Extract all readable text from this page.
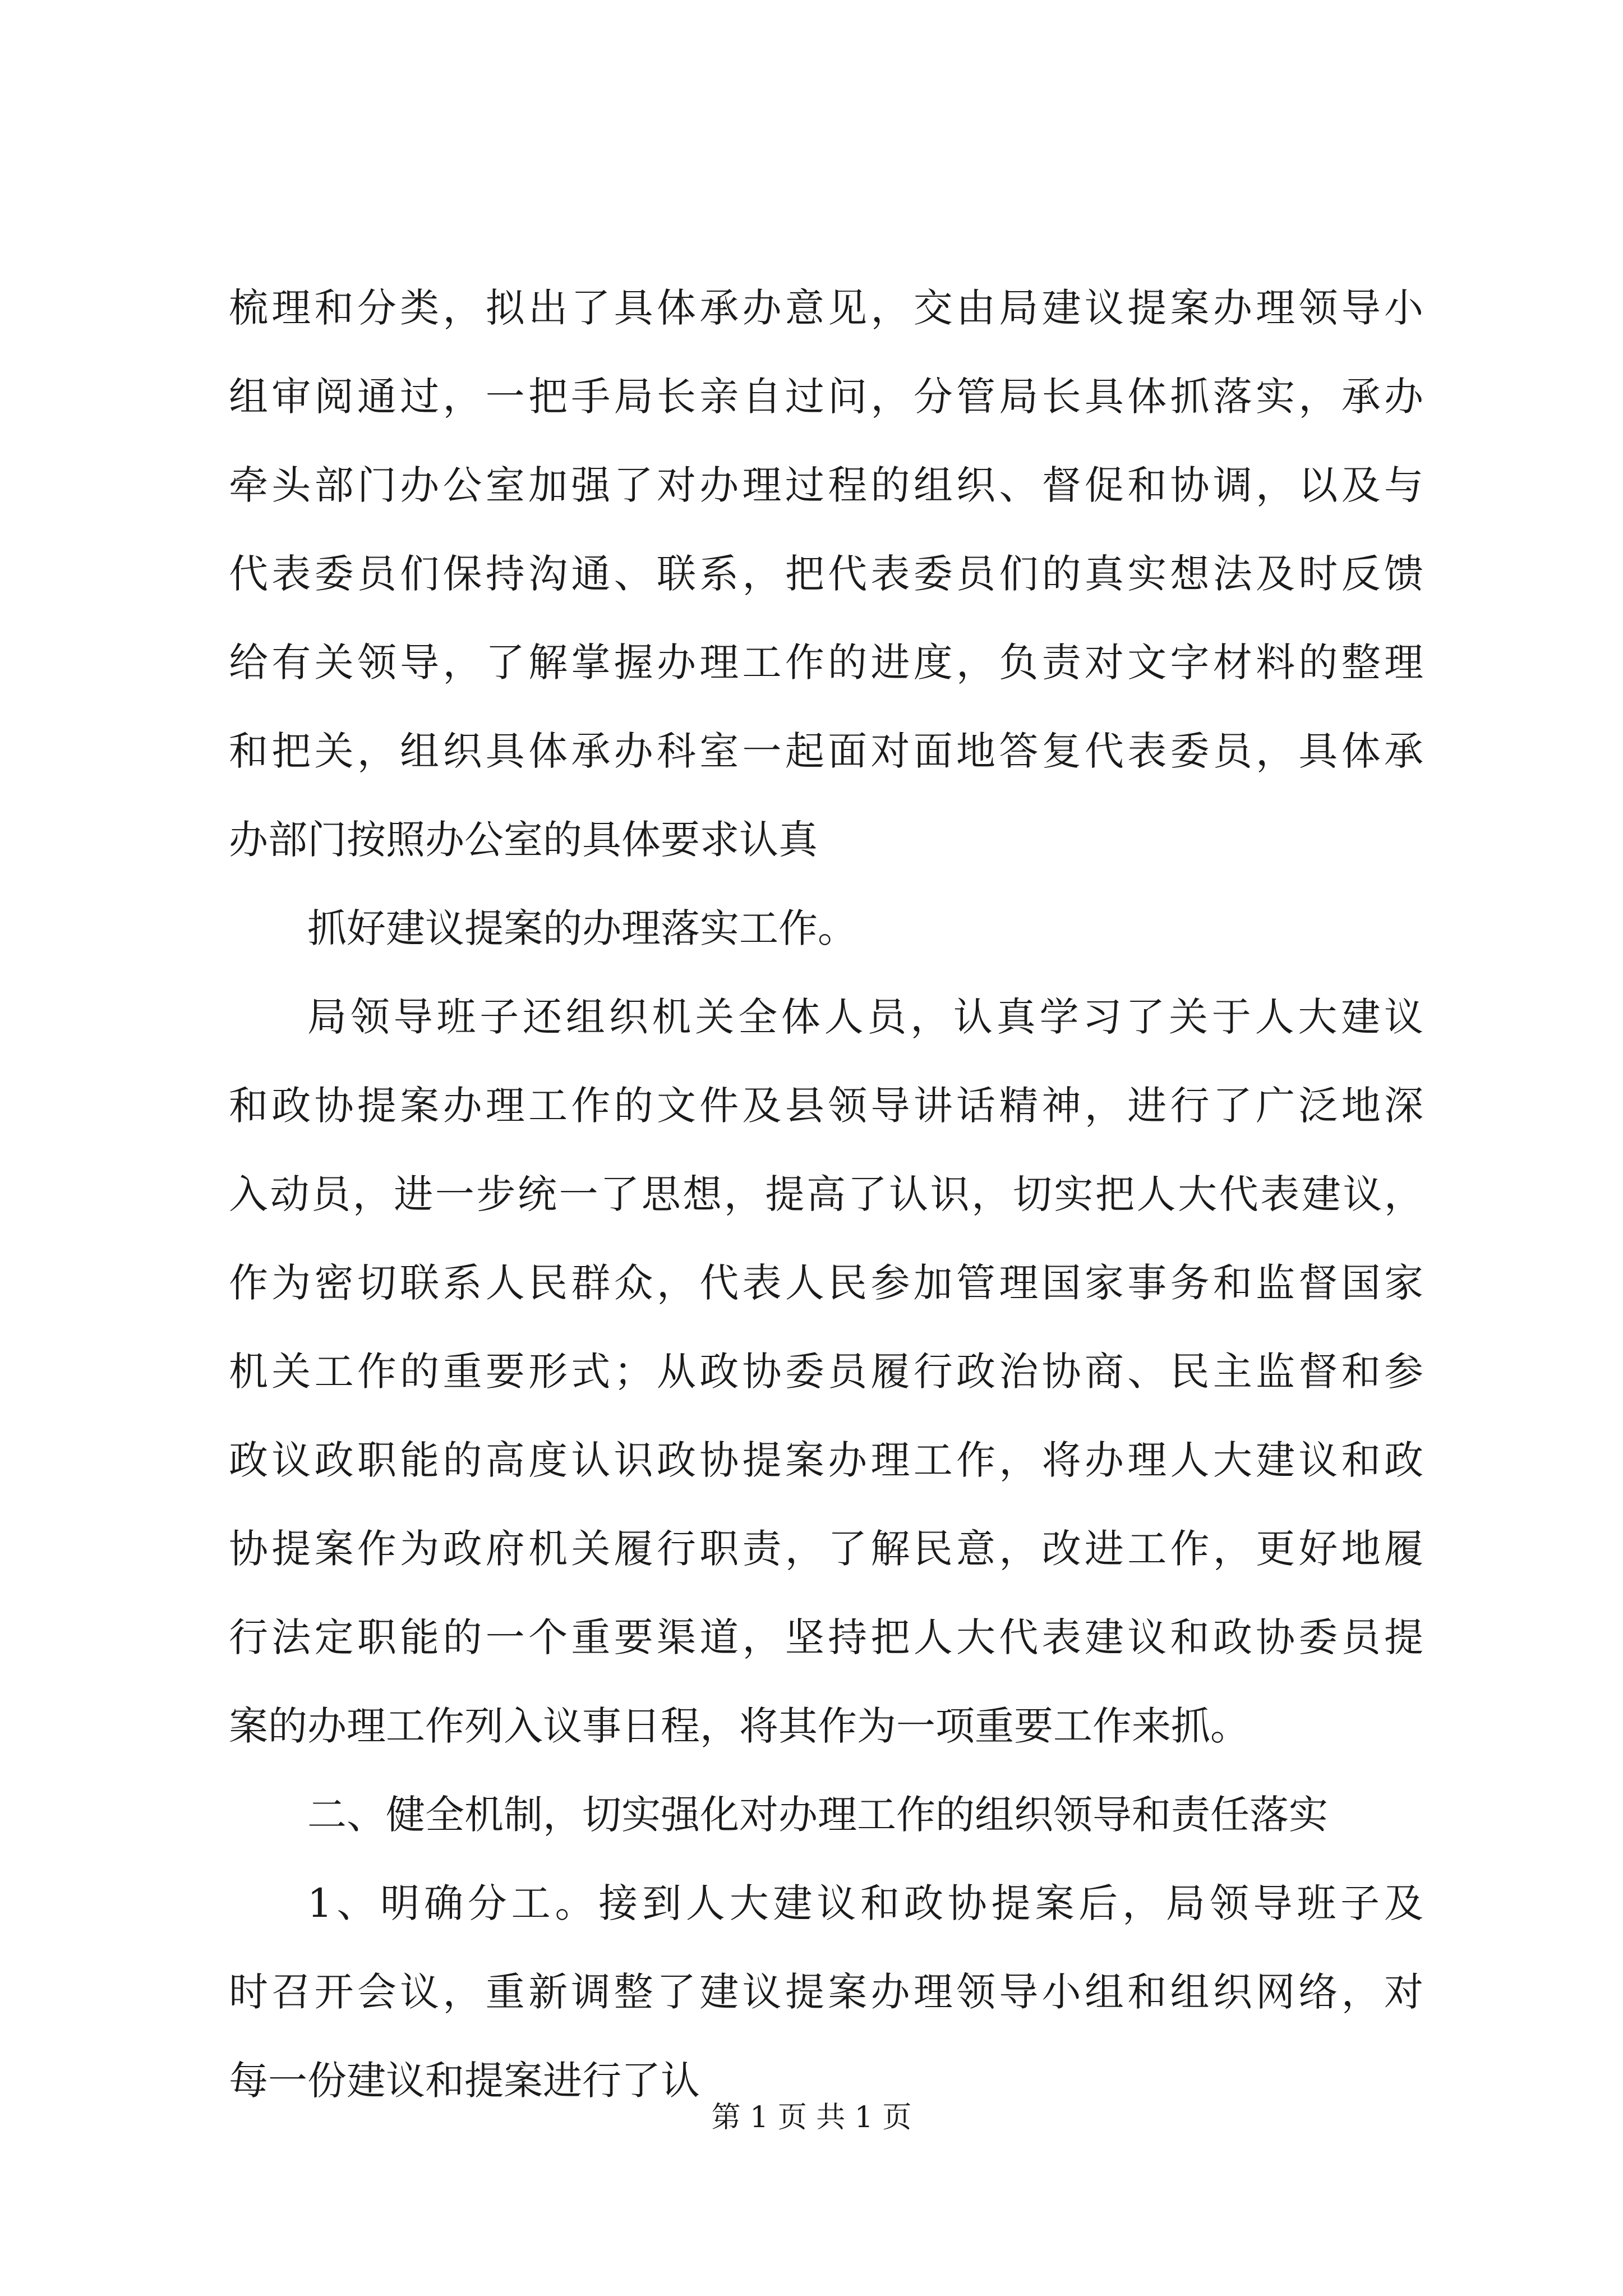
梳理和分类，拟出了具体承办意见，交由局建议提案办理领导小
组审阅通过，一把手局长亲自过问，分管局长具体抓落实，承办
牵头部门办公室加强了对办理过程的组织、督促和协调，以及与
代表委员们保持沟通、联系，把代表委员们的真实想法及时反馈
给有关领导，了解掌握办理工作的进度，负责对文字材料的整理
和把关，组织具体承办科室一起面对面地答复代表委员，具体承
办部门按照办公室的具体要求认真
抓好建议提案的办理落实工作。
局领导班子还组织机关全体人员，认真学习了关于人大建议
和政协提案办理工作的文件及县领导讲话精神，进行了广泛地深
入动员，进一步统一了思想，提高了认识，切实把人大代表建议，
作为密切联系人民群众，代表人民参加管理国家事务和监督国家
机关工作的重要形式；从政协委员履行政治协商、民主监督和参
政议政职能的高度认识政协提案办理工作，将办理人大建议和政
协提案作为政府机关履行职责，了解民意，改进工作，更好地履
行法定职能的一个重要渠道，坚持把人大代表建议和政协委员提
案的办理工作列入议事日程，将其作为一项重要工作来抓。
二、健全机制，切实强化对办理工作的组织领导和责任落实
1、明确分工。接到人大建议和政协提案后，局领导班子及
时召开会议，重新调整了建议提案办理领导小组和组织网络，对
每一份建议和提案进行了认
第 1 页 共 1 页
